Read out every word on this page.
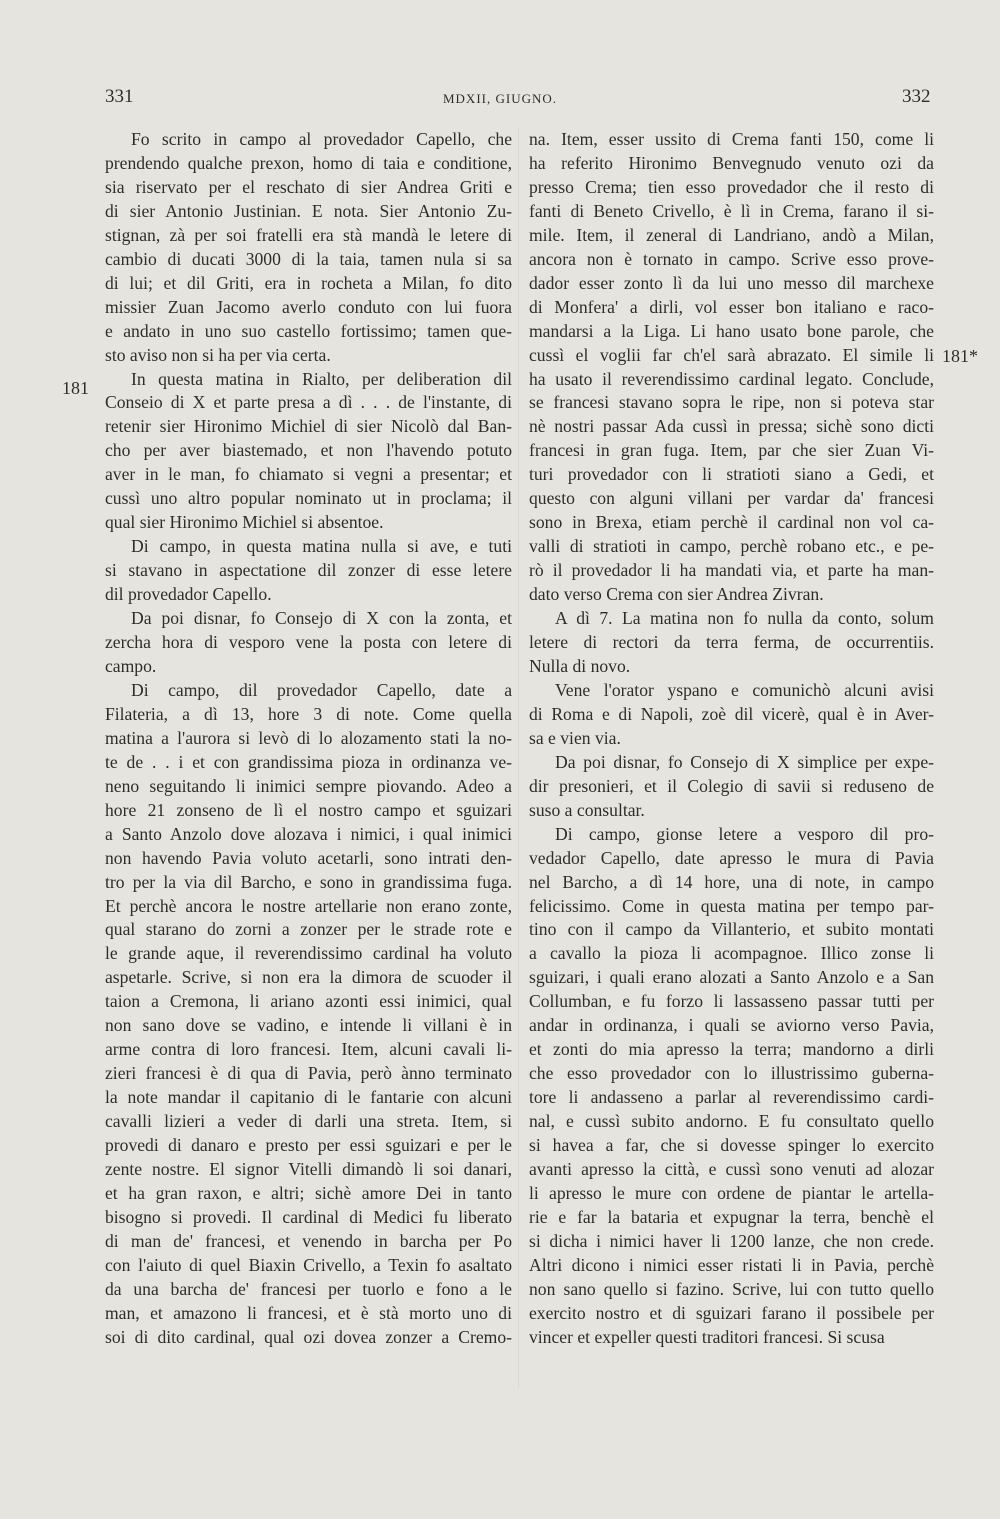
331	MDXII, GIUGNO.	332
181
181*
Fo scrito in campo al provedador Capello, che
prendendo qualche prexon, homo di taia e conditione,
sia riservato per el reschato di sier Andrea Griti e
di sier Antonio Justinian. E nota. Sier Antonio Zu-
stignan, zà per soi fratelli era stà mandà le letere di
cambio di ducati 3000 di la taia, tamen nula si sa
di lui; et dil Griti, era in rocheta a Milan, fo dito
missier Zuan Jacomo averlo conduto con lui fuora
e andato in uno suo castello fortissimo; tamen que-
sto aviso non si ha per via certa.
In questa matina in Rialto, per deliberation dil
Conseio di X et parte presa a dì . . . de l'instante, di
retenir sier Hironimo Michiel di sier Nicolò dal Ban-
cho per aver biastemado, et non l'havendo potuto
aver in le man, fo chiamato si vegni a presentar; et
cussì uno altro popular nominato ut in proclama; il
qual sier Hironimo Michiel si absentoe.
Di campo, in questa matina nulla si ave, e tuti
si stavano in aspectatione dil zonzer di esse letere
dil provedador Capello.
Da poi disnar, fo Consejo di X con la zonta, et
zercha hora di vesporo vene la posta con letere di
campo.
Di campo, dil provedador Capello, date a
Filateria, a dì 13, hore 3 di note. Come quella
matina a l'aurora si levò di lo alozamento stati la no-
te de . . i et con grandissima pioza in ordinanza ve-
neno seguitando li inimici sempre piovando. Adeo a
hore 21 zonseno de lì el nostro campo et sguizari
a Santo Anzolo dove alozava i nimici, i qual inimici
non havendo Pavia voluto acetarli, sono intrati den-
tro per la via dil Barcho, e sono in grandissima fuga.
Et perchè ancora le nostre artellarie non erano zonte,
qual starano do zorni a zonzer per le strade rote e
le grande aque, il reverendissimo cardinal ha voluto
aspetarle. Scrive, si non era la dimora de scuoder il
taion a Cremona, li ariano azonti essi inimici, qual
non sano dove se vadino, e intende li villani è in
arme contra di loro francesi. Item, alcuni cavali li-
zieri francesi è di qua di Pavia, però ànno terminato
la note mandar il capitanio di le fantarie con alcuni
cavalli lizieri a veder di darli una streta. Item, si
provedi di danaro e presto per essi sguizari e per le
zente nostre. El signor Vitelli dimandò li soi danari,
et ha gran raxon, e altri; sichè amore Dei in tanto
bisogno si provedi. Il cardinal di Medici fu liberato
di man de' francesi, et venendo in barcha per Po
con l'aiuto di quel Biaxin Crivello, a Texin fo asaltato
da una barcha de' francesi per tuorlo e fono a le
man, et amazono li francesi, et è stà morto uno di
soi di dito cardinal, qual ozi dovea zonzer a Cremo-
na. Item, esser ussito di Crema fanti 150, come li
ha referito Hironimo Benvegnudo venuto ozi da
presso Crema; tien esso provedador che il resto di
fanti di Beneto Crivello, è lì in Crema, farano il si-
mile. Item, il zeneral di Landriano, andò a Milan,
ancora non è tornato in campo. Scrive esso prove-
dador esser zonto lì da lui uno messo dil marchexe
di Monfera' a dirli, vol esser bon italiano e raco-
mandarsi a la Liga. Li hano usato bone parole, che
cussì el voglii far ch'el sarà abrazato. El simile li
ha usato il reverendissimo cardinal legato. Conclude,
se francesi stavano sopra le ripe, non si poteva star
nè nostri passar Ada cussì in pressa; sichè sono dicti
francesi in gran fuga. Item, par che sier Zuan Vi-
turi provedador con li stratioti siano a Gedi, et
questo con alguni villani per vardar da' francesi
sono in Brexa, etiam perchè il cardinal non vol ca-
valli di stratioti in campo, perchè robano etc., e pe-
rò il provedador li ha mandati via, et parte ha man-
dato verso Crema con sier Andrea Zivran.
A dì 7. La matina non fo nulla da conto, solum
letere di rectori da terra ferma, de occurrentiis.
Nulla di novo.
Vene l'orator yspano e comunichò alcuni avisi
di Roma e di Napoli, zoè dil vicerè, qual è in Aver-
sa e vien via.
Da poi disnar, fo Consejo di X simplice per expe-
dir presonieri, et il Colegio di savii si reduseno de
suso a consultar.
Di campo, gionse letere a vesporo dil pro-
vedador Capello, date apresso le mura di Pavia
nel Barcho, a dì 14 hore, una di note, in campo
felicissimo. Come in questa matina per tempo par-
tino con il campo da Villanterio, et subito montati
a cavallo la pioza li acompagnoe. Illico zonse li
sguizari, i quali erano alozati a Santo Anzolo e a San
Collumban, e fu forzo li lassasseno passar tutti per
andar in ordinanza, i quali se aviorno verso Pavia,
et zonti do mia apresso la terra; mandorno a dirli
che esso provedador con lo illustrissimo guberna-
tore li andasseno a parlar al reverendissimo cardi-
nal, e cussì subito andorno. E fu consultato quello
si havea a far, che si dovesse spinger lo exercito
avanti apresso la città, e cussì sono venuti ad alozar
li apresso le mure con ordene de piantar le artella-
rie e far la bataria et expugnar la terra, benchè el
si dicha i nimici haver li 1200 lanze, che non crede.
Altri dicono i nimici esser ristati li in Pavia, perchè
non sano quello si fazino. Scrive, lui con tutto quello
exercito nostro et di sguizari farano il possibele per
vincer et expeller questi traditori francesi. Si scusa
